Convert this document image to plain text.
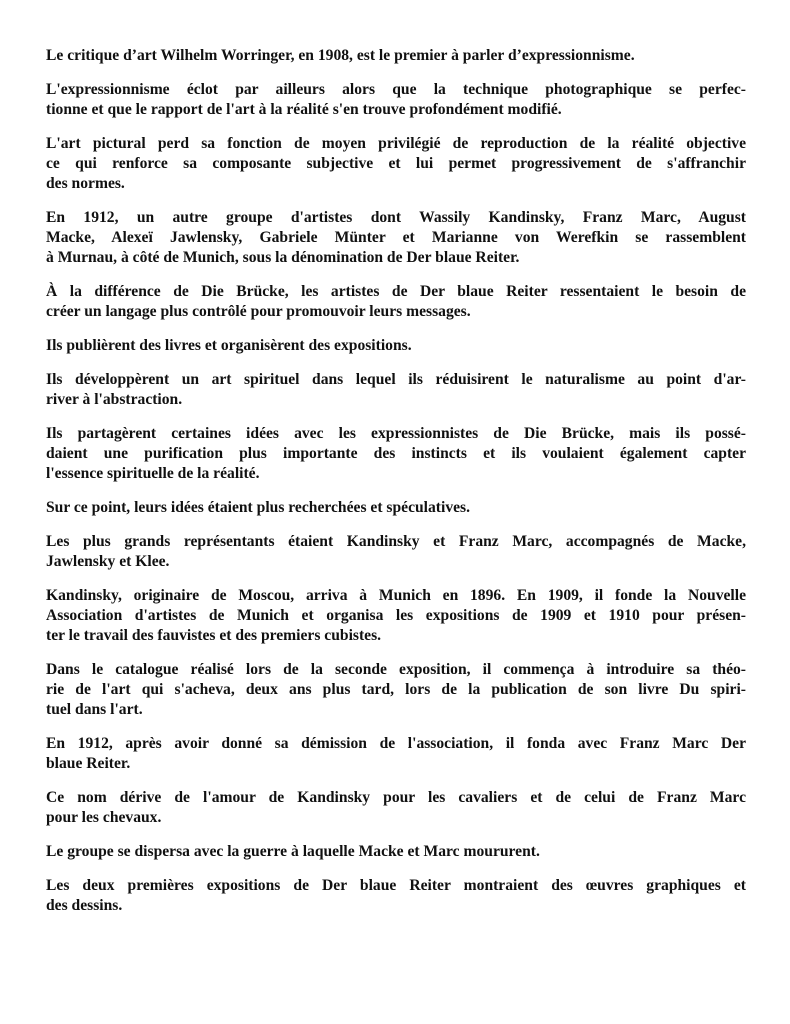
Le critique d’art Wilhelm Worringer, en 1908, est le premier à parler d’expressionnisme.

L'expressionnisme éclot par ailleurs alors que la technique photographique se perfec-
tionne et que le rapport de l'art à la réalité s'en trouve profondément modifié.

L'art pictural perd sa fonction de moyen privilégié de reproduction de la réalité objective
ce qui renforce sa composante subjective et lui permet progressivement de s'affranchir
des normes.

En 1912, un autre groupe d'artistes dont Wassily Kandinsky, Franz Marc, August
Macke, Alexeï Jawlensky, Gabriele Münter et Marianne von Werefkin se rassemblent
à Murnau, à côté de Munich, sous la dénomination de Der blaue Reiter.

À la différence de Die Brücke, les artistes de Der blaue Reiter ressentaient le besoin de
créer un langage plus contrôlé pour promouvoir leurs messages.

Ils publièrent des livres et organisèrent des expositions.

Ils développèrent un art spirituel dans lequel ils réduisirent le naturalisme au point d'ar-
river à l'abstraction.

Ils partagèrent certaines idées avec les expressionnistes de Die Brücke, mais ils possé-
daient une purification plus importante des instincts et ils voulaient également capter
l'essence spirituelle de la réalité.

Sur ce point, leurs idées étaient plus recherchées et spéculatives.

Les plus grands représentants étaient Kandinsky et Franz Marc, accompagnés de Macke,
Jawlensky et Klee.

Kandinsky, originaire de Moscou, arriva à Munich en 1896. En 1909, il fonde la Nouvelle
Association d'artistes de Munich et organisa les expositions de 1909 et 1910 pour présen-
ter le travail des fauvistes et des premiers cubistes.

Dans le catalogue réalisé lors de la seconde exposition, il commença à introduire sa théo-
rie de l'art qui s'acheva, deux ans plus tard, lors de la publication de son livre Du spiri-
tuel dans l'art.

En 1912, après avoir donné sa démission de l'association, il fonda avec Franz Marc Der
blaue Reiter.

Ce nom dérive de l'amour de Kandinsky pour les cavaliers et de celui de Franz Marc
pour les chevaux.

Le groupe se dispersa avec la guerre à laquelle Macke et Marc moururent.

Les deux premières expositions de Der blaue Reiter montraient des œuvres graphiques et
des dessins.
